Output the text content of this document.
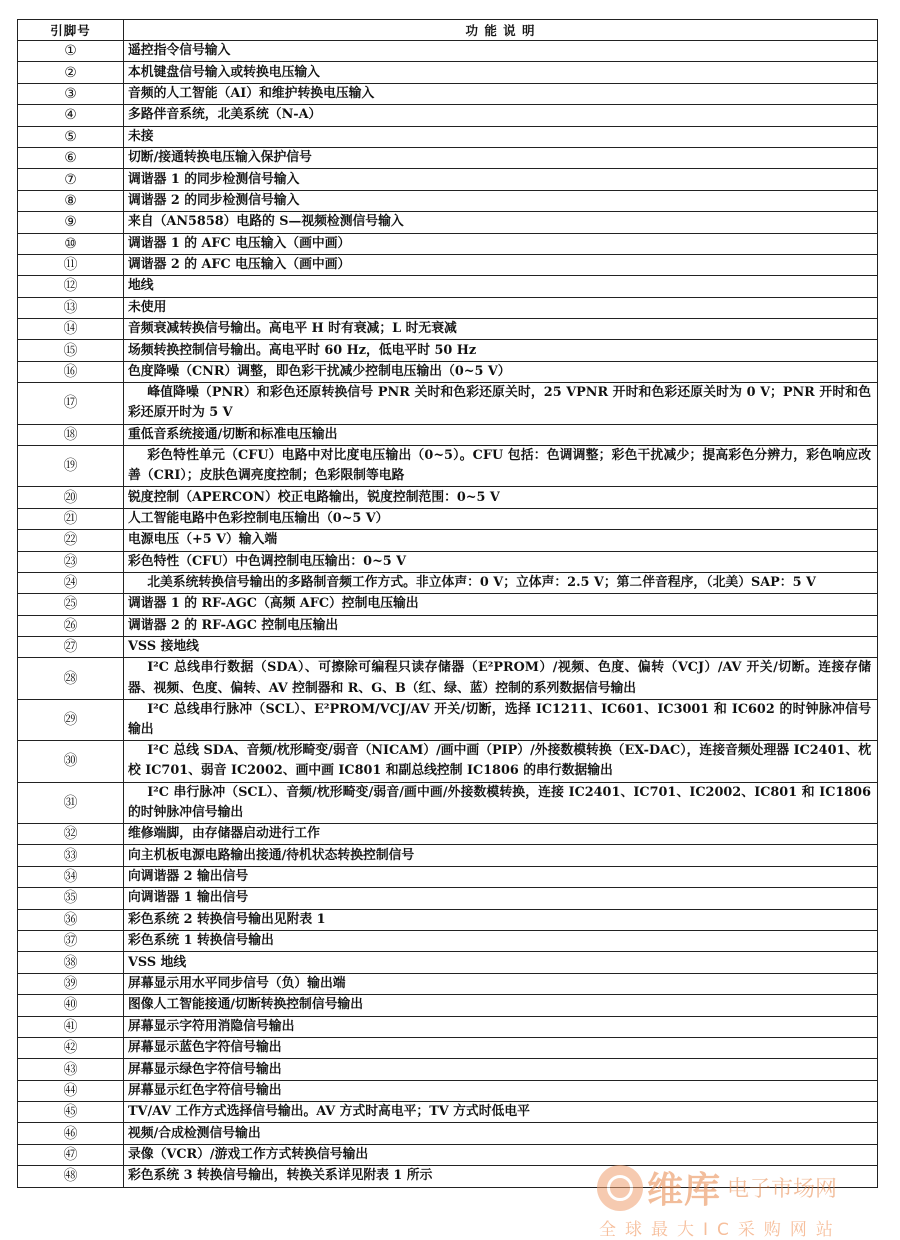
引脚号	功 能 说 明
①	遥控指令信号输入
②	本机键盘信号输入或转换电压输入
③	音频的人工智能（AI）和维护转换电压输入
④	多路伴音系统，北美系统（N-A）
⑤	未接
⑥	切断/接通转换电压输入保护信号
⑦	调谐器 1 的同步检测信号输入
⑧	调谐器 2 的同步检测信号输入
⑨	来自（AN5858）电路的 S—视频检测信号输入
⑩	调谐器 1 的 AFC 电压输入（画中画）
⑪	调谐器 2 的 AFC 电压输入（画中画）
⑫	地线
⑬	未使用
⑭	音频衰减转换信号输出。高电平 H 时有衰减；L 时无衰减
⑮	场频转换控制信号输出。高电平时 60 Hz，低电平时 50 Hz
⑯	色度降噪（CNR）调整，即色彩干扰减少控制电压输出（0~5 V）
⑰	峰值降噪（PNR）和彩色还原转换信号 PNR 关时和色彩还原关时，25 VPNR 开时和色彩还原关时为 0 V；PNR 开时和色彩还原开时为 5 V
⑱	重低音系统接通/切断和标准电压输出
⑲	彩色特性单元（CFU）电路中对比度电压输出（0~5）。CFU 包括：色调调整；彩色干扰减少；提高彩色分辨力，彩色响应改善（CRI）；皮肤色调亮度控制；色彩限制等电路
⑳	锐度控制（APERCON）校正电路输出，锐度控制范围：0~5 V
㉑	人工智能电路中色彩控制电压输出（0~5 V）
㉒	电源电压（+5 V）输入端
㉓	彩色特性（CFU）中色调控制电压输出：0~5 V
㉔	北美系统转换信号输出的多路制音频工作方式。非立体声：0 V；立体声：2.5 V；第二伴音程序，（北美）SAP：5 V
㉕	调谐器 1 的 RF-AGC（高频 AFC）控制电压输出
㉖	调谐器 2 的 RF-AGC 控制电压输出
㉗	VSS 接地线
㉘	I²C 总线串行数据（SDA）、可擦除可编程只读存储器（E²PROM）/视频、色度、偏转（VCJ）/AV 开关/切断。连接存储器、视频、色度、偏转、AV 控制器和 R、G、B（红、绿、蓝）控制的系列数据信号输出
㉙	I²C 总线串行脉冲（SCL）、E²PROM/VCJ/AV 开关/切断，选择 IC1211、IC601、IC3001 和 IC602 的时钟脉冲信号输出
㉚	I²C 总线 SDA、音频/枕形畸变/弱音（NICAM）/画中画（PIP）/外接数模转换（EX-DAC），连接音频处理器 IC2401、枕校 IC701、弱音 IC2002、画中画 IC801 和副总线控制 IC1806 的串行数据输出
㉛	I²C 串行脉冲（SCL）、音频/枕形畸变/弱音/画中画/外接数模转换，连接 IC2401、IC701、IC2002、IC801 和 IC1806 的时钟脉冲信号输出
㉜	维修端脚，由存储器启动进行工作
㉝	向主机板电源电路输出接通/待机状态转换控制信号
㉞	向调谐器 2 输出信号
㉟	向调谐器 1 输出信号
㊱	彩色系统 2 转换信号输出见附表 1
㊲	彩色系统 1 转换信号输出
㊳	VSS 地线
㊴	屏幕显示用水平同步信号（负）输出端
㊵	图像人工智能接通/切断转换控制信号输出
㊶	屏幕显示字符用消隐信号输出
㊷	屏幕显示蓝色字符信号输出
㊸	屏幕显示绿色字符信号输出
㊹	屏幕显示红色字符信号输出
㊺	TV/AV 工作方式选择信号输出。AV 方式时高电平；TV 方式时低电平
㊻	视频/合成检测信号输出
㊼	录像（VCR）/游戏工作方式转换信号输出
㊽	彩色系统 3 转换信号输出，转换关系详见附表 1 所示	维库 电子市场网
全球最大IC采购网站
